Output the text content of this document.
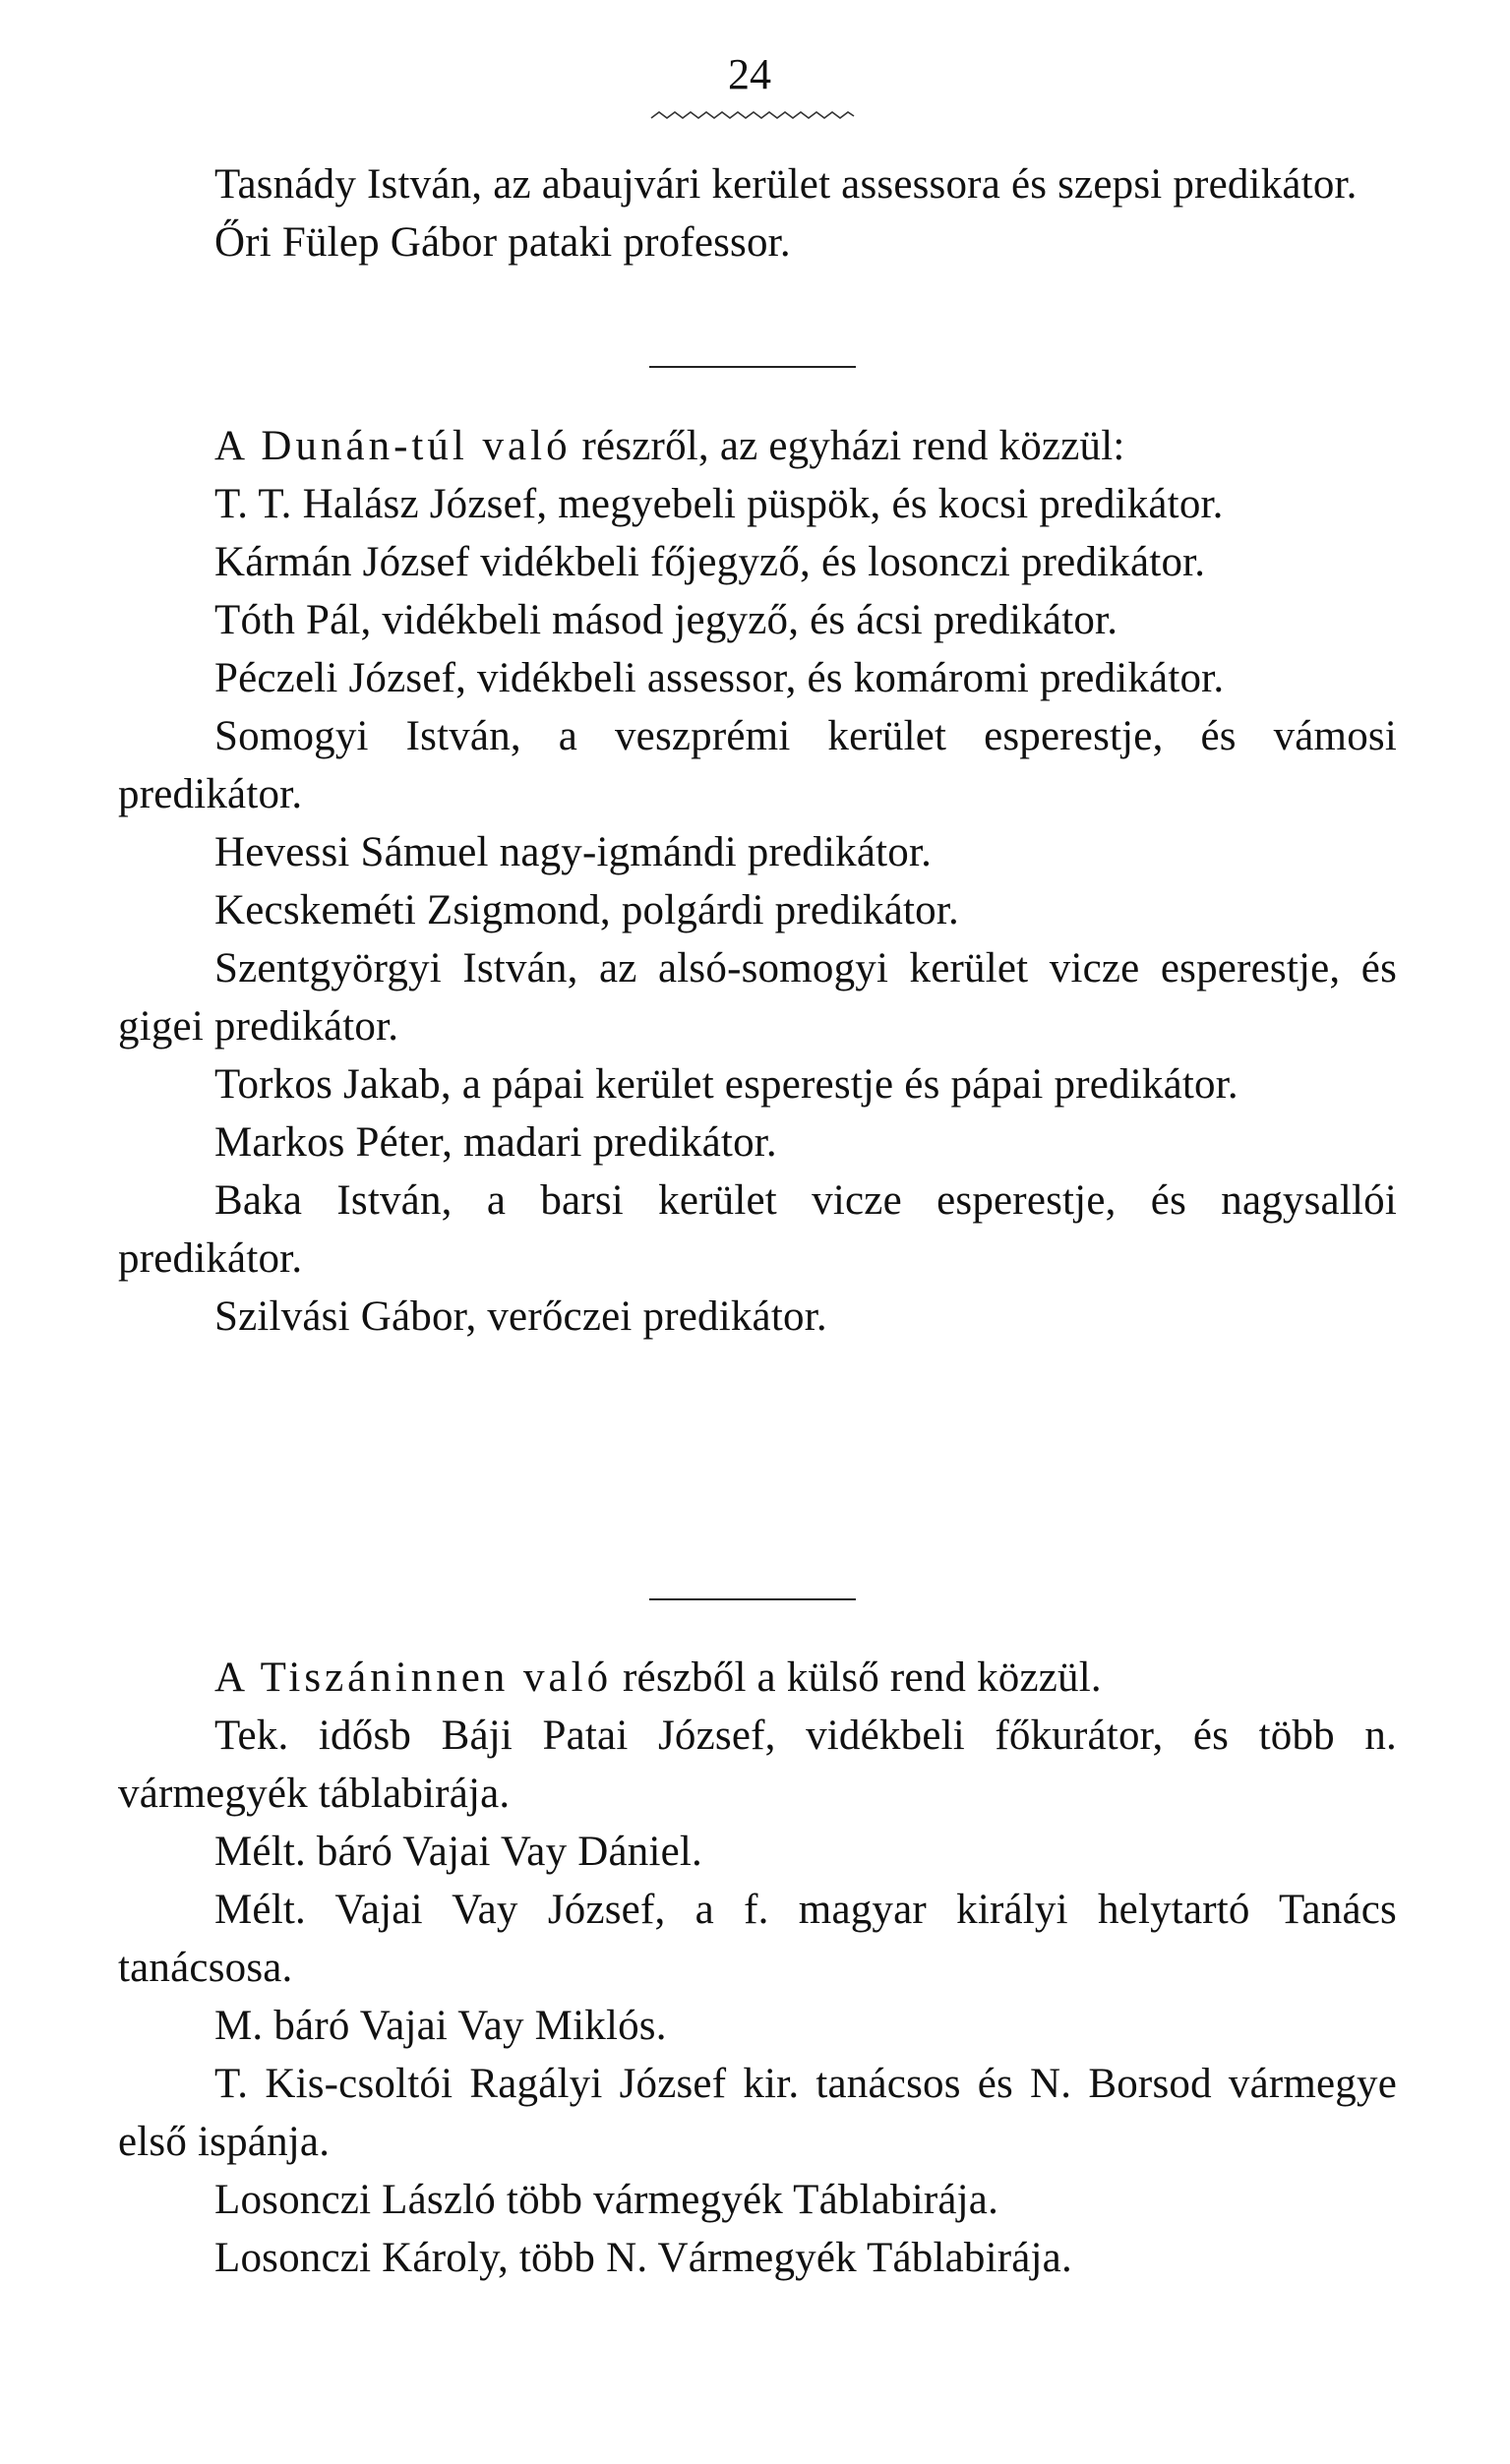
24

Tasnády István, az abaujvári kerület assessora és szepsi predikátor.

Őri Fülep Gábor pataki professor.

A Dunán-túl való részről, az egyházi rend közzül:

T. T. Halász József, megyebeli püspök, és kocsi predikátor.

Kármán József vidékbeli főjegyző, és losonczi predikátor.

Tóth Pál, vidékbeli másod jegyző, és ácsi predikátor.

Péczeli József, vidékbeli assessor, és komáromi predikátor.

Somogyi István, a veszprémi kerület esperestje, és vámosi predikátor.

Hevessi Sámuel nagy-igmándi predikátor.

Kecskeméti Zsigmond, polgárdi predikátor.

Szentgyörgyi István, az alsó-somogyi kerület vicze esperestje, és gigei predikátor.

Torkos Jakab, a pápai kerület esperestje és pápai predikátor.

Markos Péter, madari predikátor.

Baka István, a barsi kerület vicze esperestje, és nagysallói predikátor.

Szilvási Gábor, verőczei predikátor.

A Tiszáninnen való részből a külső rend közzül.

Tek. idősb Báji Patai József, vidékbeli főkurátor, és több n. vármegyék táblabirája.

Mélt. báró Vajai Vay Dániel.

Mélt. Vajai Vay József, a f. magyar királyi helytartó Tanács tanácsosa.

M. báró Vajai Vay Miklós.

T. Kis-csoltói Ragályi József kir. tanácsos és N. Borsod vármegye első ispánja.

Losonczi László több vármegyék Táblabirája.

Losonczi Károly, több N. Vármegyék Táblabirája.
